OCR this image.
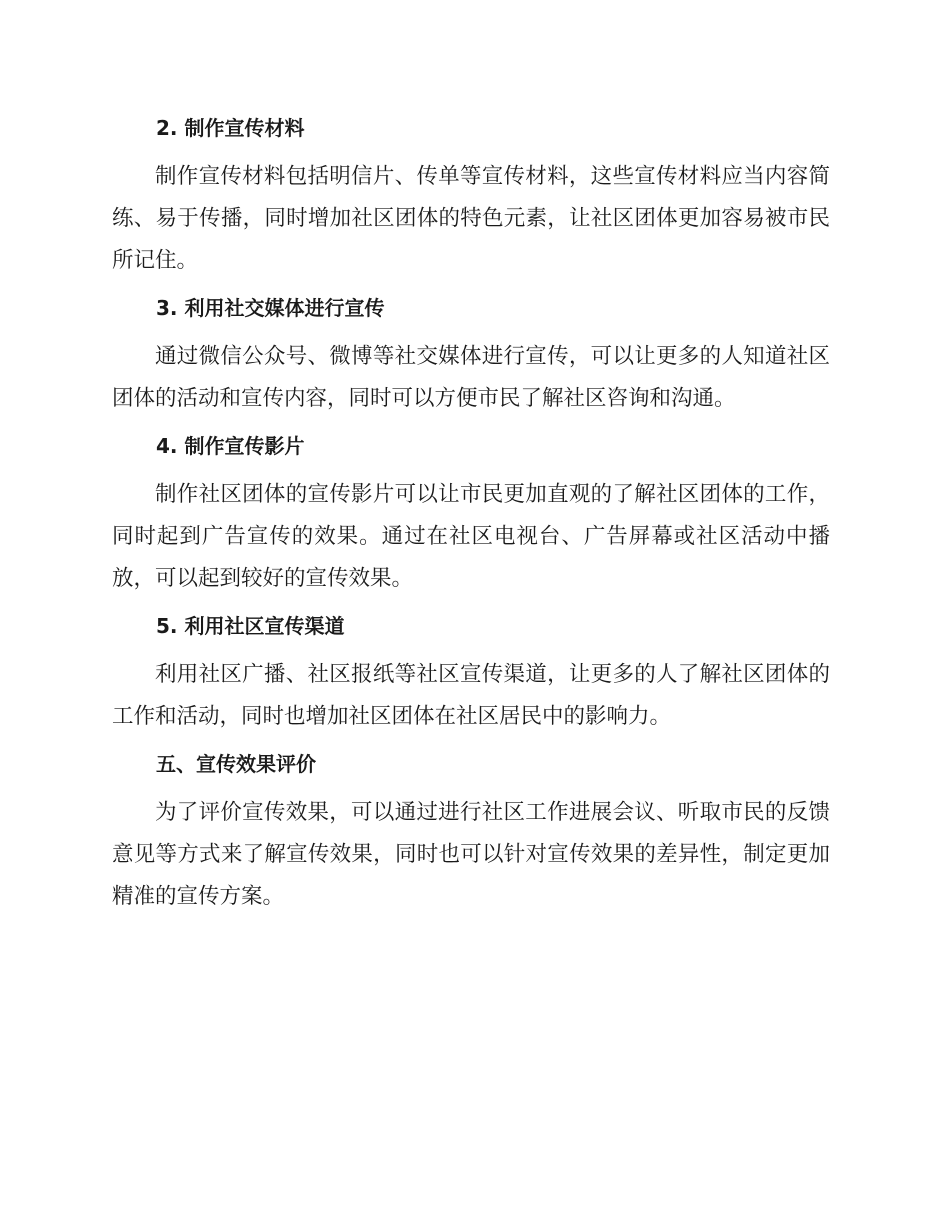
2. 制作宣传材料

制作宣传材料包括明信片、传单等宣传材料，这些宣传材料应当内容简练、易于传播，同时增加社区团体的特色元素，让社区团体更加容易被市民所记住。

3. 利用社交媒体进行宣传

通过微信公众号、微博等社交媒体进行宣传，可以让更多的人知道社区团体的活动和宣传内容，同时可以方便市民了解社区咨询和沟通。

4. 制作宣传影片

制作社区团体的宣传影片可以让市民更加直观的了解社区团体的工作，同时起到广告宣传的效果。通过在社区电视台、广告屏幕或社区活动中播放，可以起到较好的宣传效果。

5. 利用社区宣传渠道

利用社区广播、社区报纸等社区宣传渠道，让更多的人了解社区团体的工作和活动，同时也增加社区团体在社区居民中的影响力。

五、宣传效果评价

为了评价宣传效果，可以通过进行社区工作进展会议、听取市民的反馈意见等方式来了解宣传效果，同时也可以针对宣传效果的差异性，制定更加精准的宣传方案。
